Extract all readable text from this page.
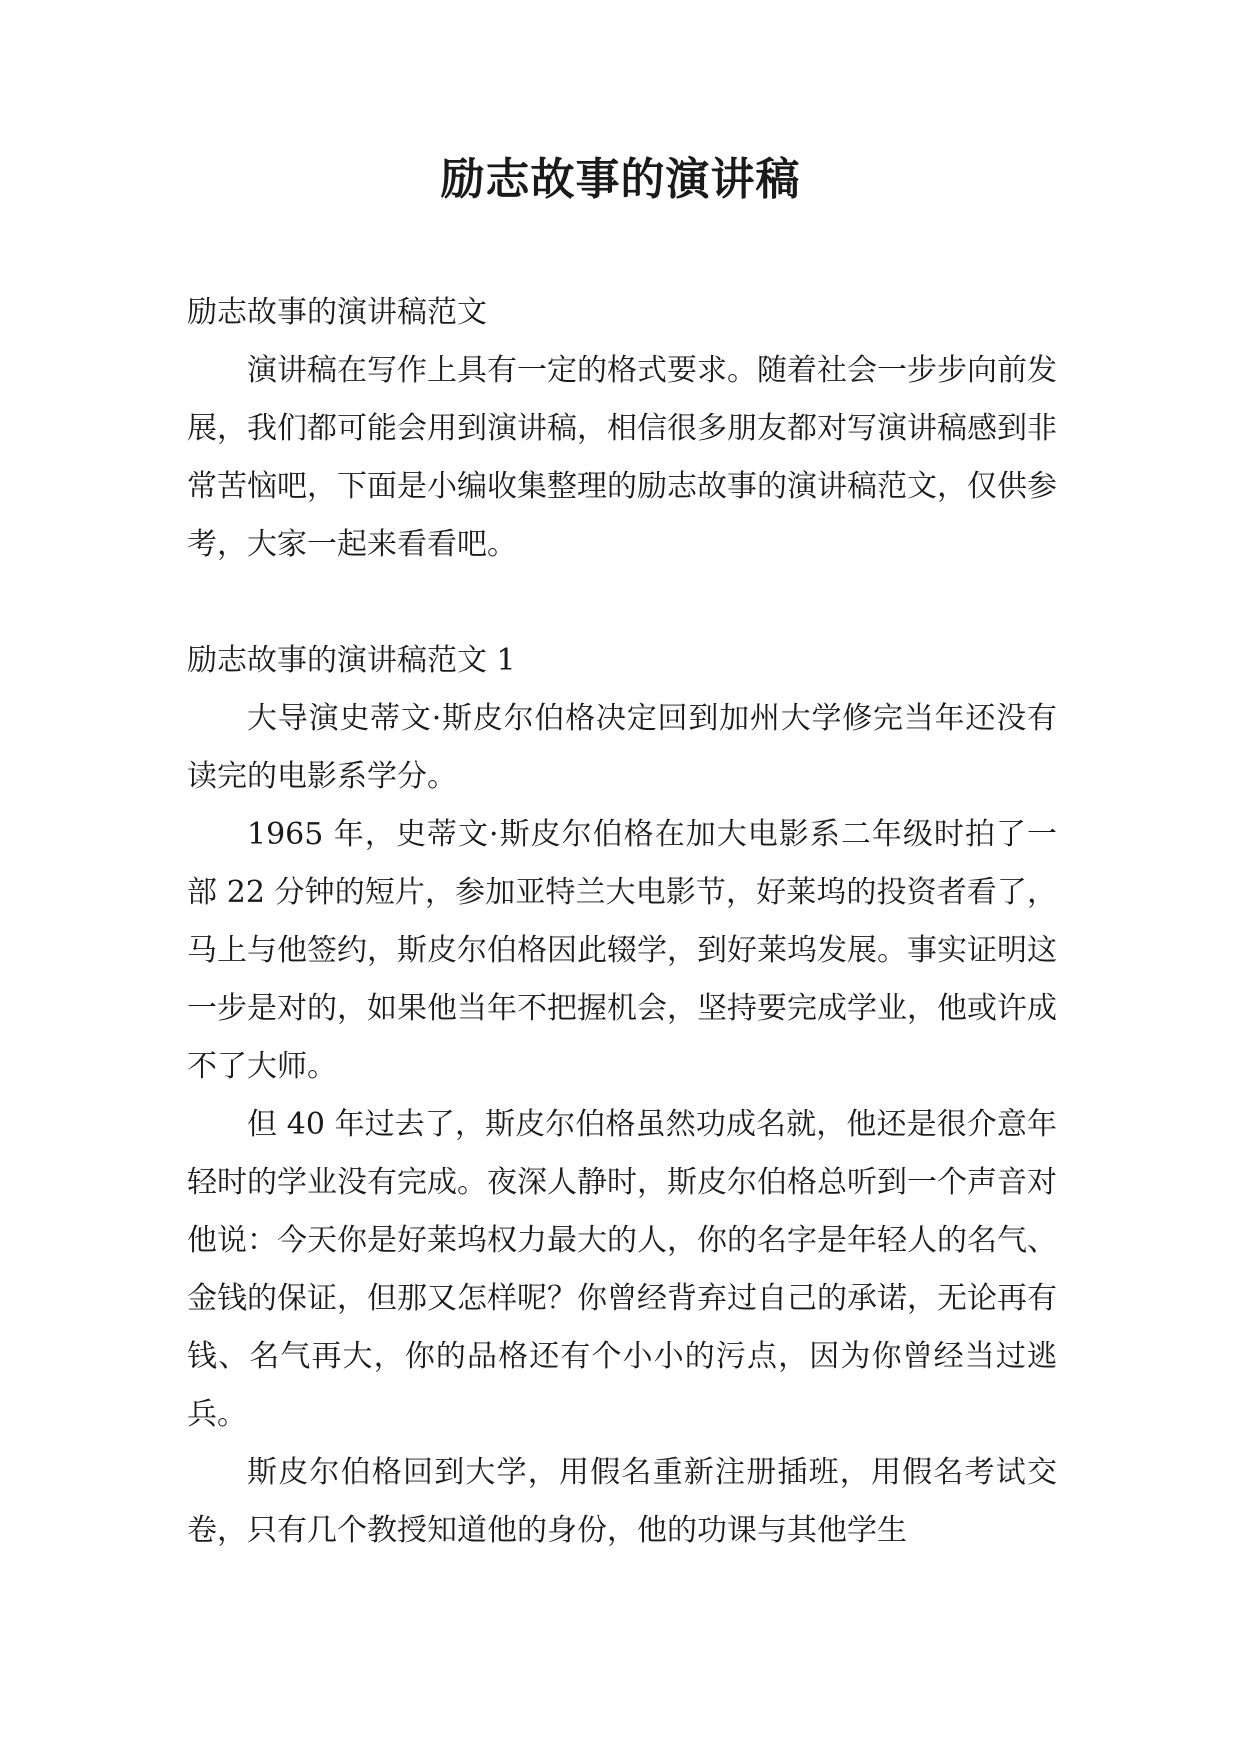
励志故事的演讲稿

励志故事的演讲稿范文

演讲稿在写作上具有一定的格式要求。随着社会一步步向前发展，我们都可能会用到演讲稿，相信很多朋友都对写演讲稿感到非常苦恼吧，下面是小编收集整理的励志故事的演讲稿范文，仅供参考，大家一起来看看吧。

励志故事的演讲稿范文 1

大导演史蒂文·斯皮尔伯格决定回到加州大学修完当年还没有读完的电影系学分。

1965 年，史蒂文·斯皮尔伯格在加大电影系二年级时拍了一部 22 分钟的短片，参加亚特兰大电影节，好莱坞的投资者看了，马上与他签约，斯皮尔伯格因此辍学，到好莱坞发展。事实证明这一步是对的，如果他当年不把握机会，坚持要完成学业，他或许成不了大师。

但 40 年过去了，斯皮尔伯格虽然功成名就，他还是很介意年轻时的学业没有完成。夜深人静时，斯皮尔伯格总听到一个声音对他说：今天你是好莱坞权力最大的人，你的名字是年轻人的名气、金钱的保证，但那又怎样呢？你曾经背弃过自己的承诺，无论再有钱、名气再大，你的品格还有个小小的污点，因为你曾经当过逃兵。

斯皮尔伯格回到大学，用假名重新注册插班，用假名考试交卷，只有几个教授知道他的身份，他的功课与其他学生
